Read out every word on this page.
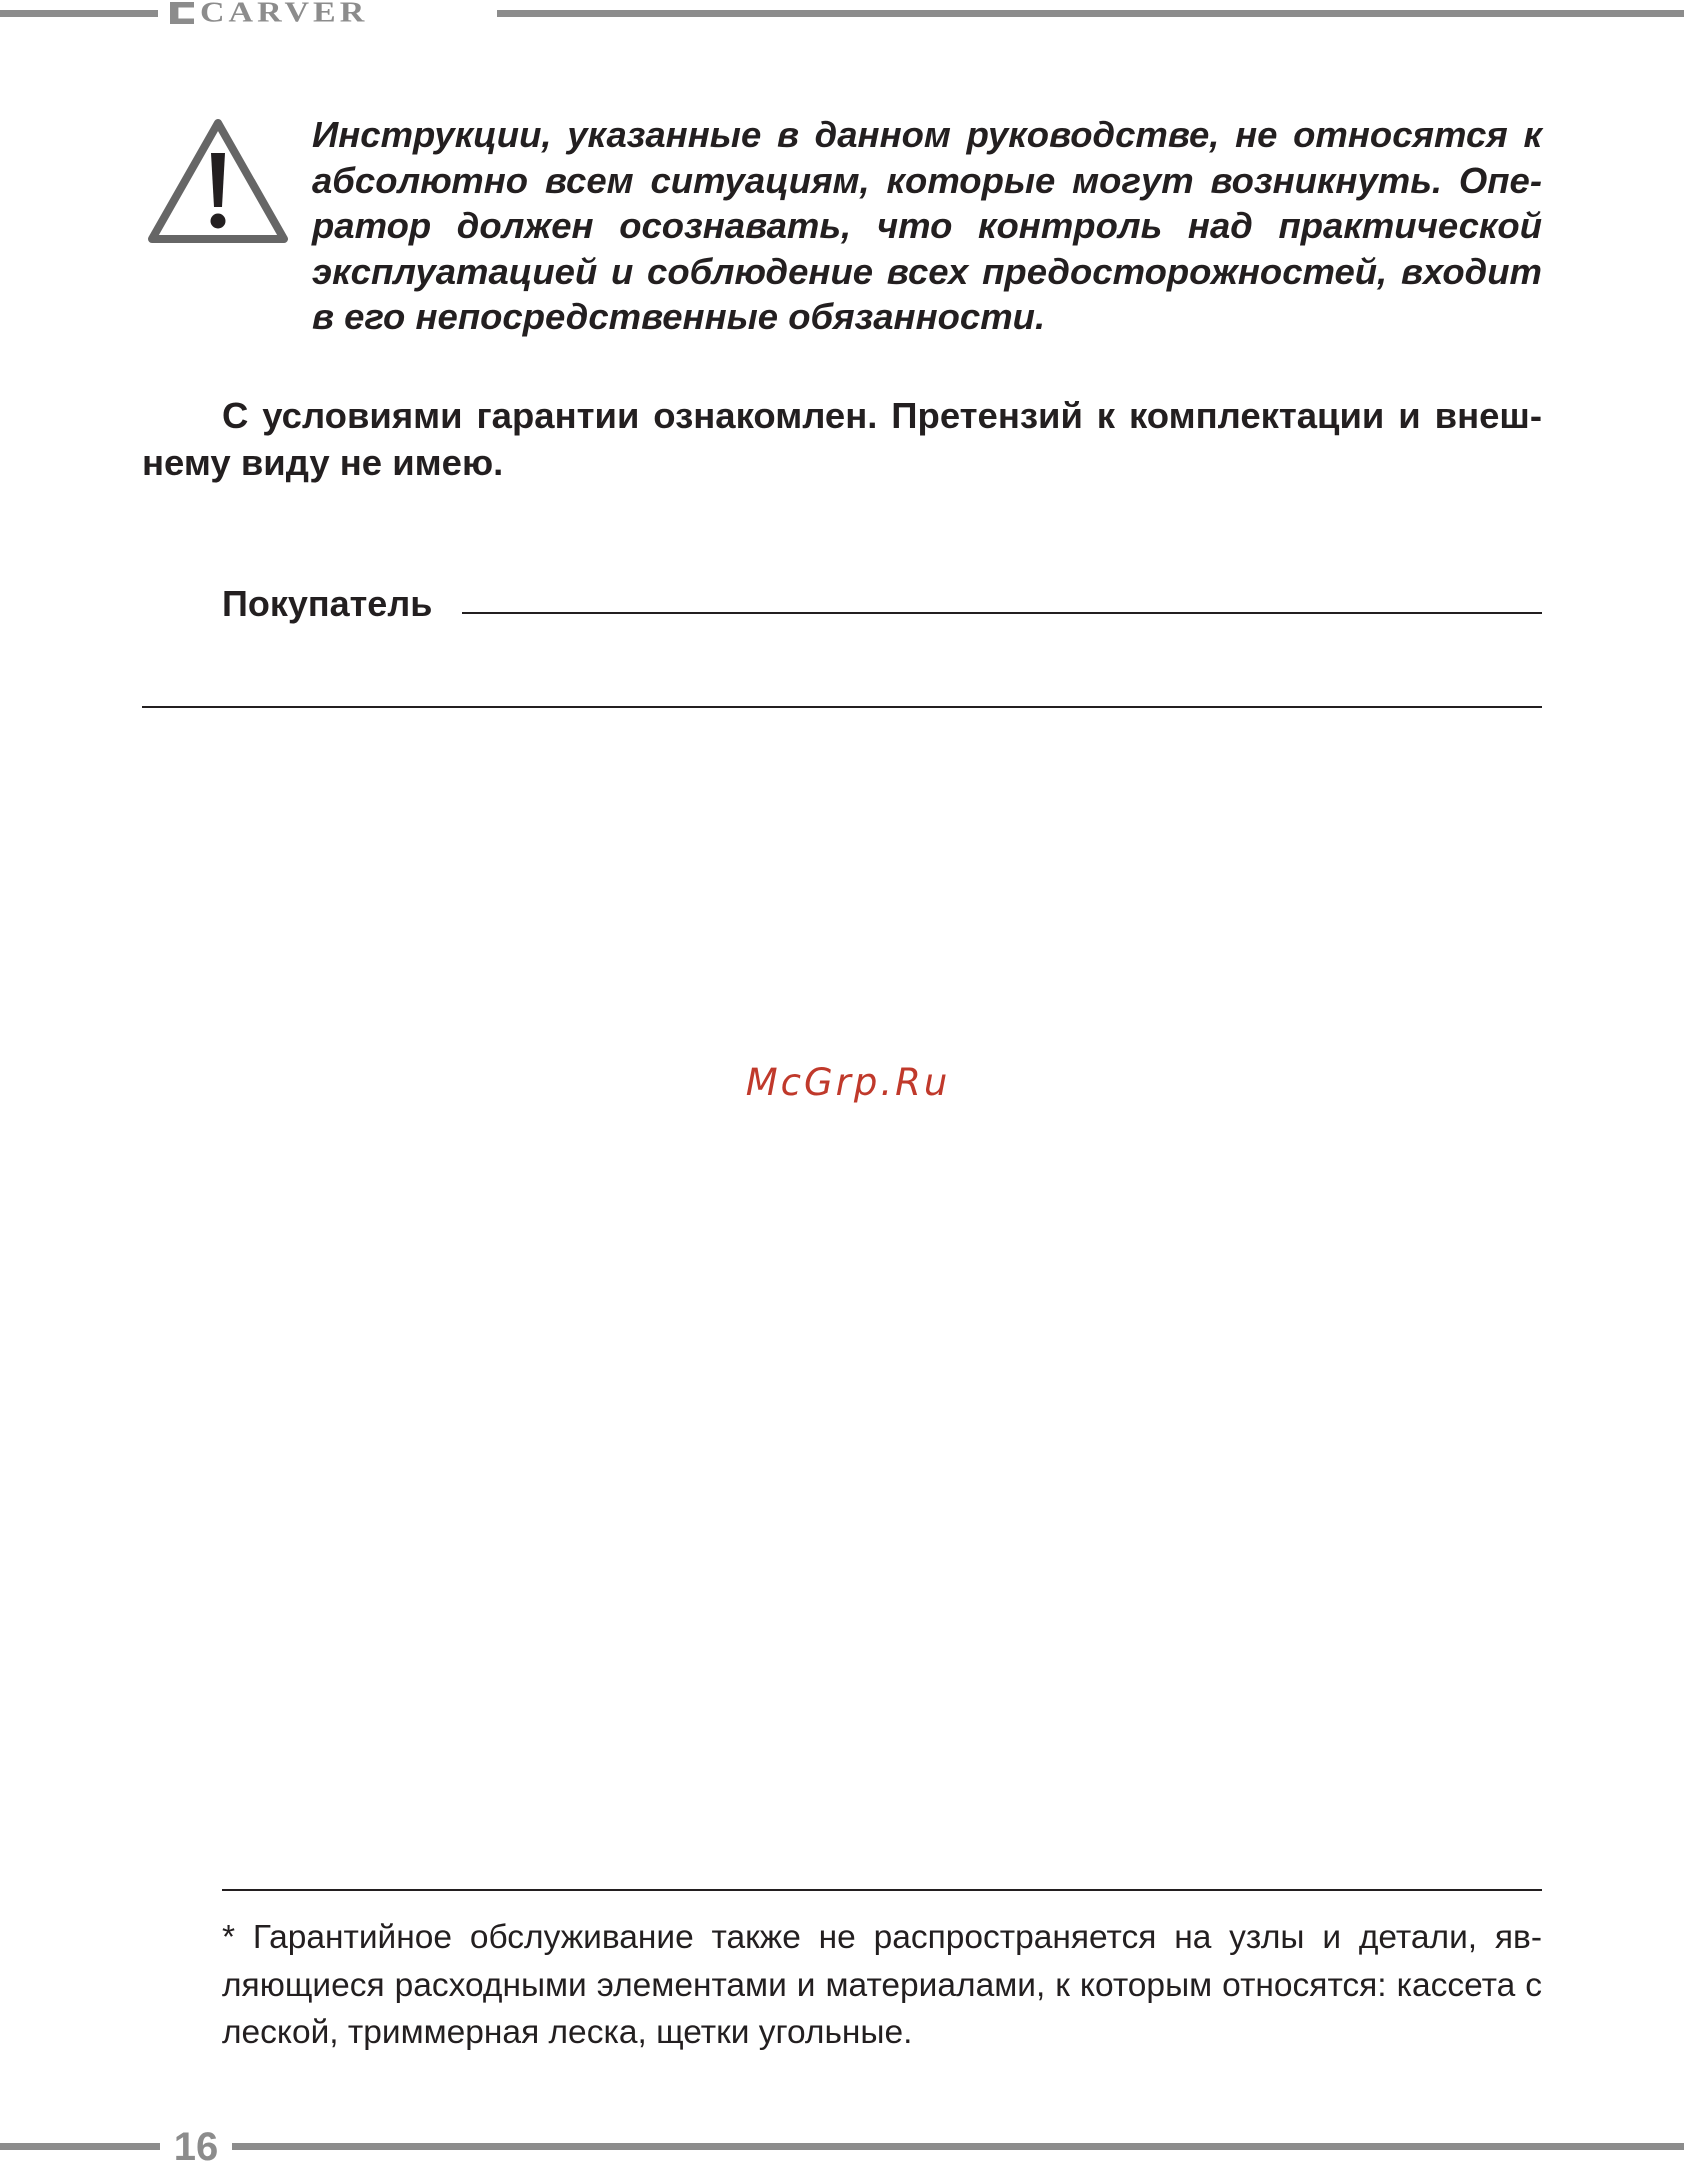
CARVER

Инструкции, указанные в данном руководстве, не относятся к абсолютно всем ситуациям, которые могут возникнуть. Оператор должен осознавать, что контроль над практической эксплуатацией и соблюдение всех предосторожностей, входит в его непосредственные обязанности.

С условиями гарантии ознакомлен. Претензий к комплектации и внешнему виду не имею.

Покупатель
McGrp.Ru

* Гарантийное обслуживание также не распространяется на узлы и детали, являющиеся расходными элементами и материалами, к которым относятся: кассета с леской, триммерная леска, щетки угольные.

16
